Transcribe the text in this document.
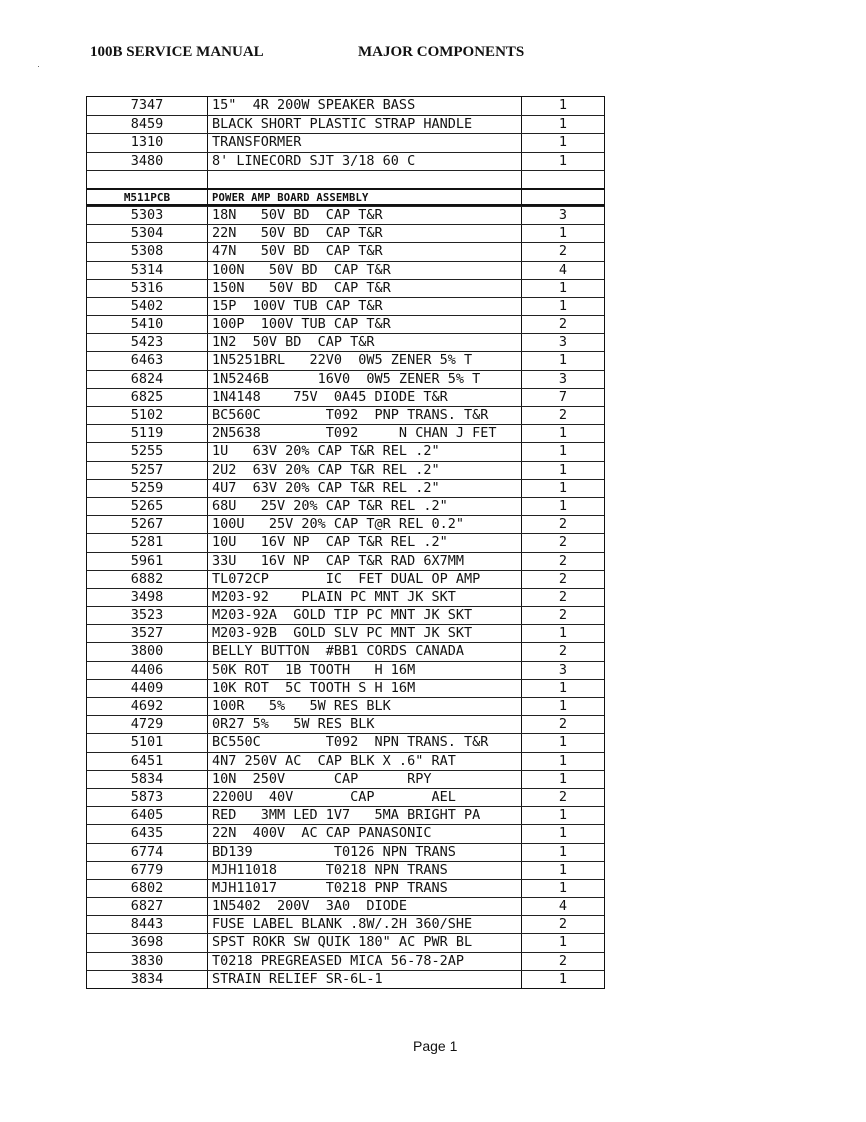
100B SERVICE MANUAL	MAJOR COMPONENTS
7347	15"  4R 200W SPEAKER BASS	1
8459	BLACK SHORT PLASTIC STRAP HANDLE	1
1310	TRANSFORMER	1
3480	8' LINECORD SJT 3/18 60 C	1
M511PCB	POWER AMP BOARD ASSEMBLY
5303	18N   50V BD  CAP T&R	3
5304	22N   50V BD  CAP T&R	1
5308	47N   50V BD  CAP T&R	2
5314	100N   50V BD  CAP T&R	4
5316	150N   50V BD  CAP T&R	1
5402	15P  100V TUB CAP T&R	1
5410	100P  100V TUB CAP T&R	2
5423	1N2  50V BD  CAP T&R	3
6463	1N5251BRL   22V0  0W5 ZENER 5% T	1
6824	1N5246B      16V0  0W5 ZENER 5% T	3
6825	1N4148    75V  0A45 DIODE T&R	7
5102	BC560C        T092  PNP TRANS. T&R	2
5119	2N5638        T092     N CHAN J FET	1
5255	1U   63V 20% CAP T&R REL .2"	1
5257	2U2  63V 20% CAP T&R REL .2"	1
5259	4U7  63V 20% CAP T&R REL .2"	1
5265	68U   25V 20% CAP T&R REL .2"	1
5267	100U   25V 20% CAP T@R REL 0.2"	2
5281	10U   16V NP  CAP T&R REL .2"	2
5961	33U   16V NP  CAP T&R RAD 6X7MM	2
6882	TL072CP       IC  FET DUAL OP AMP	2
3498	M203-92    PLAIN PC MNT JK SKT	2
3523	M203-92A  GOLD TIP PC MNT JK SKT	2
3527	M203-92B  GOLD SLV PC MNT JK SKT	1
3800	BELLY BUTTON  #BB1 CORDS CANADA	2
4406	50K ROT  1B TOOTH   H 16M	3
4409	10K ROT  5C TOOTH S H 16M	1
4692	100R   5%   5W RES BLK	1
4729	0R27 5%   5W RES BLK	2
5101	BC550C        T092  NPN TRANS. T&R	1
6451	4N7 250V AC  CAP BLK X .6" RAT	1
5834	10N  250V      CAP      RPY	1
5873	2200U  40V       CAP       AEL	2
6405	RED   3MM LED 1V7   5MA BRIGHT PA	1
6435	22N  400V  AC CAP PANASONIC	1
6774	BD139          T0126 NPN TRANS	1
6779	MJH11018      T0218 NPN TRANS	1
6802	MJH11017      T0218 PNP TRANS	1
6827	1N5402  200V  3A0  DIODE	4
8443	FUSE LABEL BLANK .8W/.2H 360/SHE	2
3698	SPST ROKR SW QUIK 180" AC PWR BL	1
3830	T0218 PREGREASED MICA 56-78-2AP	2
3834	STRAIN RELIEF SR-6L-1	1
Page 1
